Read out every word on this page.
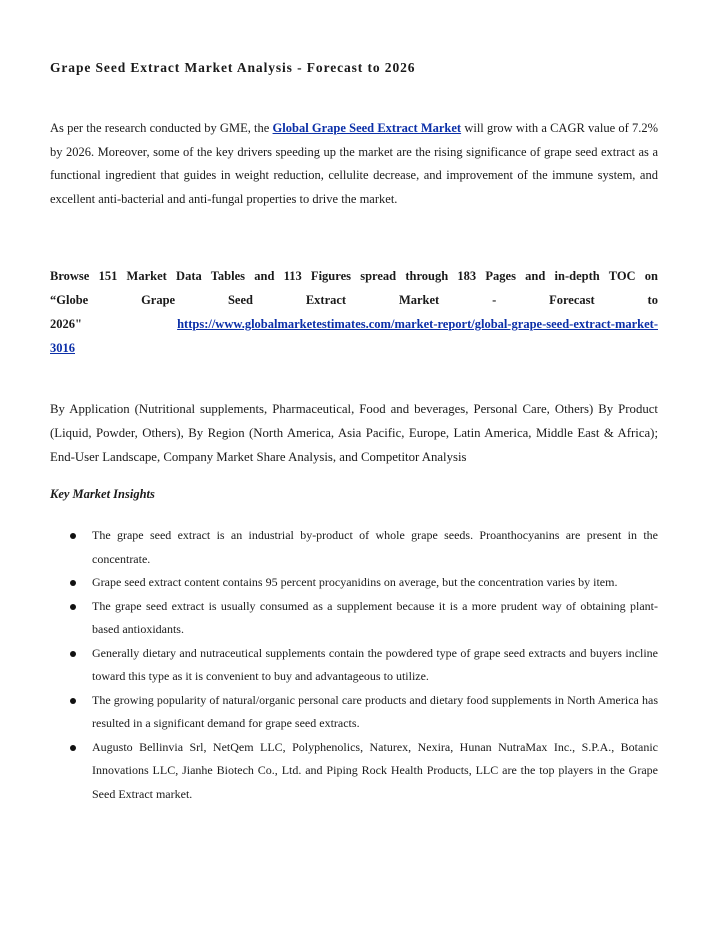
Grape Seed Extract Market Analysis - Forecast to 2026
As per the research conducted by GME, the Global Grape Seed Extract Market will grow with a CAGR value of 7.2% by 2026. Moreover, some of the key drivers speeding up the market are the rising significance of grape seed extract as a functional ingredient that guides in weight reduction, cellulite decrease, and improvement of the immune system, and excellent anti-bacterial and anti-fungal properties to drive the market.
Browse 151 Market Data Tables and 113 Figures spread through 183 Pages and in-depth TOC on
“Globe	Grape	Seed	Extract	Market	-	Forecast	to
2026"	https://www.globalmarketestimates.com/market-report/global-grape-seed-extract-market-
3016
By Application (Nutritional supplements, Pharmaceutical, Food and beverages, Personal Care, Others) By Product (Liquid, Powder, Others), By Region (North America, Asia Pacific, Europe, Latin America, Middle East & Africa); End-User Landscape, Company Market Share Analysis, and Competitor Analysis
Key Market Insights
The grape seed extract is an industrial by-product of whole grape seeds. Proanthocyanins are present in the concentrate.
Grape seed extract content contains 95 percent procyanidins on average, but the concentration varies by item.
The grape seed extract is usually consumed as a supplement because it is a more prudent way of obtaining plant-based antioxidants.
Generally dietary and nutraceutical supplements contain the powdered type of grape seed extracts and buyers incline toward this type as it is convenient to buy and advantageous to utilize.
The growing popularity of natural/organic personal care products and dietary food supplements in North America has resulted in a significant demand for grape seed extracts.
Augusto Bellinvia Srl, NetQem LLC, Polyphenolics, Naturex, Nexira, Hunan NutraMax Inc., S.P.A., Botanic Innovations LLC, Jianhe Biotech Co., Ltd. and Piping Rock Health Products, LLC are the top players in the Grape Seed Extract market.
